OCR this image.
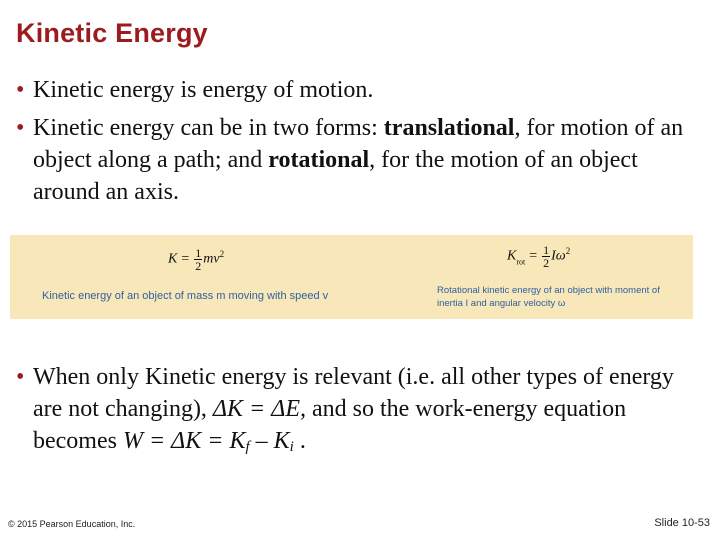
Kinetic Energy
• Kinetic energy is energy of motion.
• Kinetic energy can be in two forms: translational, for motion of an object along a path; and rotational, for the motion of an object around an axis.
$K = \frac{1}{2} mv^2$	$K_{rot} = \frac{1}{2} I\omega^2$
Kinetic energy of an object of mass m moving with speed v	Rotational kinetic energy of an object with moment of inertia I and angular velocity ω
• When only Kinetic energy is relevant (i.e. all other types of energy are not changing), ΔK = ΔE, and so the work-energy equation becomes $W = \Delta K = K_f - K_i$ .
© 2015 Pearson Education, Inc.	Slide 10-53
